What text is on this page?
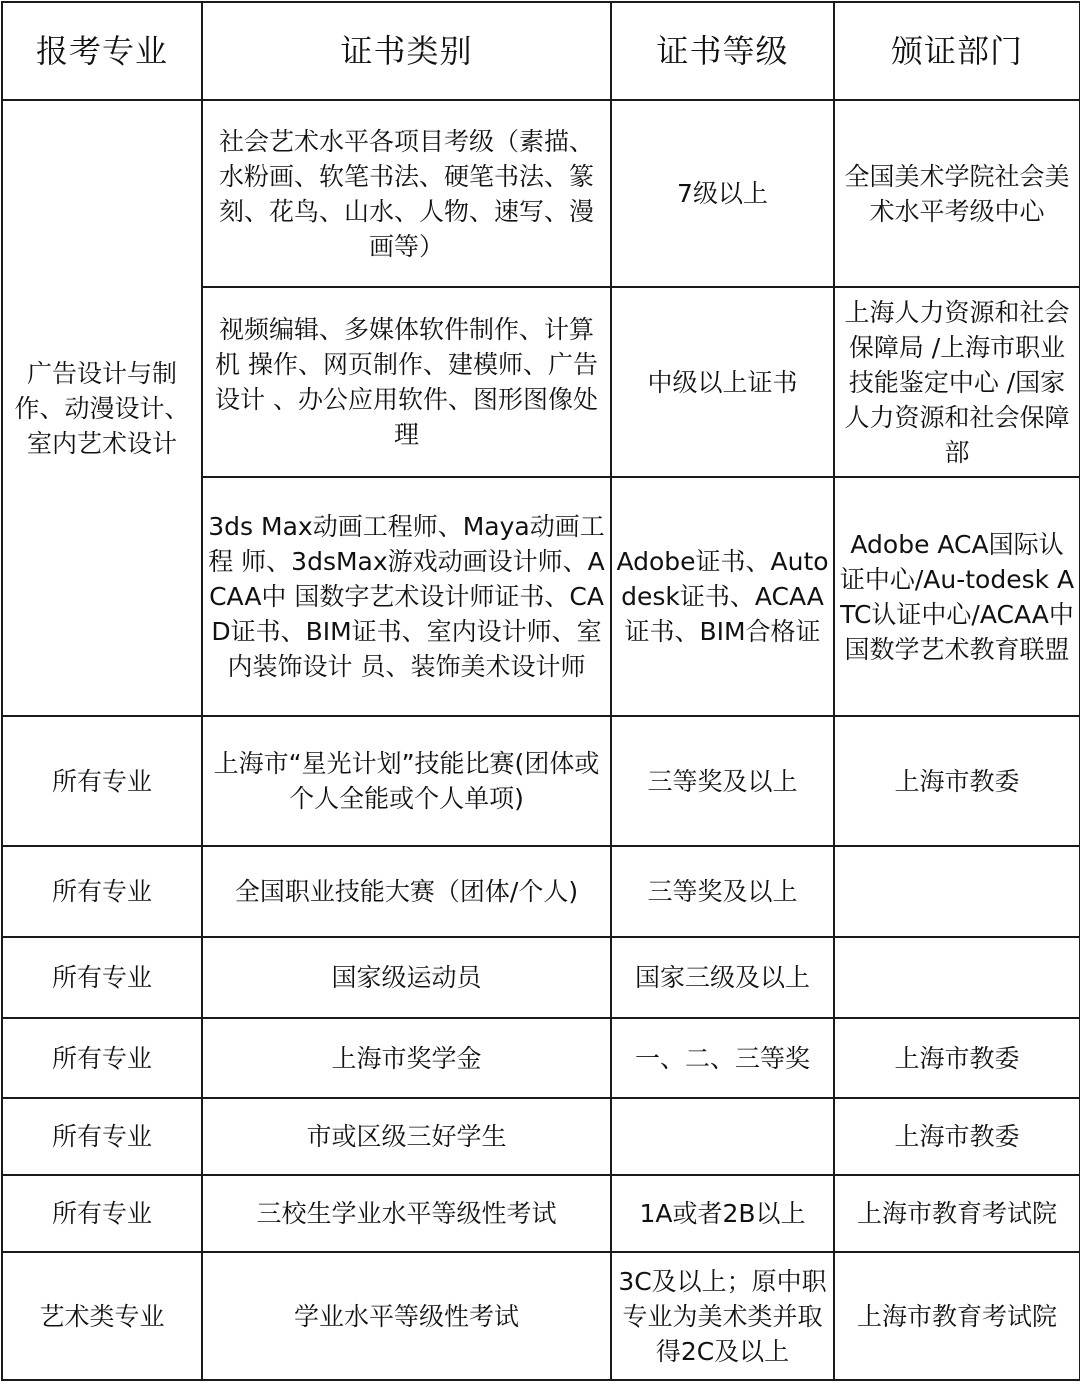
报考专业	证书类别	证书等级	颁证部门
广告设计与制作、动漫设计、室内艺术设计	社会艺术水平各项目考级（素描、水粉画、软笔书法、硬笔书法、篆刻、花鸟、山水、人物、速写、漫画等）	7级以上	全国美术学院社会美术水平考级中心
	视频编辑、多媒体软件制作、计算机 操作、网页制作、建模师、广告设计 、办公应用软件、图形图像处理	中级以上证书	上海人力资源和社会保障局 /上海市职业技能鉴定中心 /国家人力资源和社会保障部
	3ds Max动画工程师、Maya动画工程 师、3dsMax游戏动画设计师、ACAA中 国数字艺术设计师证书、CAD证书、BIM证书、室内设计师、室内装饰设计 员、装饰美术设计师	Adobe证书、Autodesk证书、ACAA证书、BIM合格证	Adobe ACA国际认证中心/Au-todesk ATC认证中心/ACAA中国数学艺术教育联盟
所有专业	上海市“星光计划”技能比赛(团体或个人全能或个人单项)	三等奖及以上	上海市教委
所有专业	全国职业技能大赛（团体/个人)	三等奖及以上	
所有专业	国家级运动员	国家三级及以上	
所有专业	上海市奖学金	一、二、三等奖	上海市教委
所有专业	市或区级三好学生		上海市教委
所有专业	三校生学业水平等级性考试	1A或者2B以上	上海市教育考试院
艺术类专业	学业水平等级性考试	3C及以上；原中职专业为美术类并取得2C及以上	上海市教育考试院
